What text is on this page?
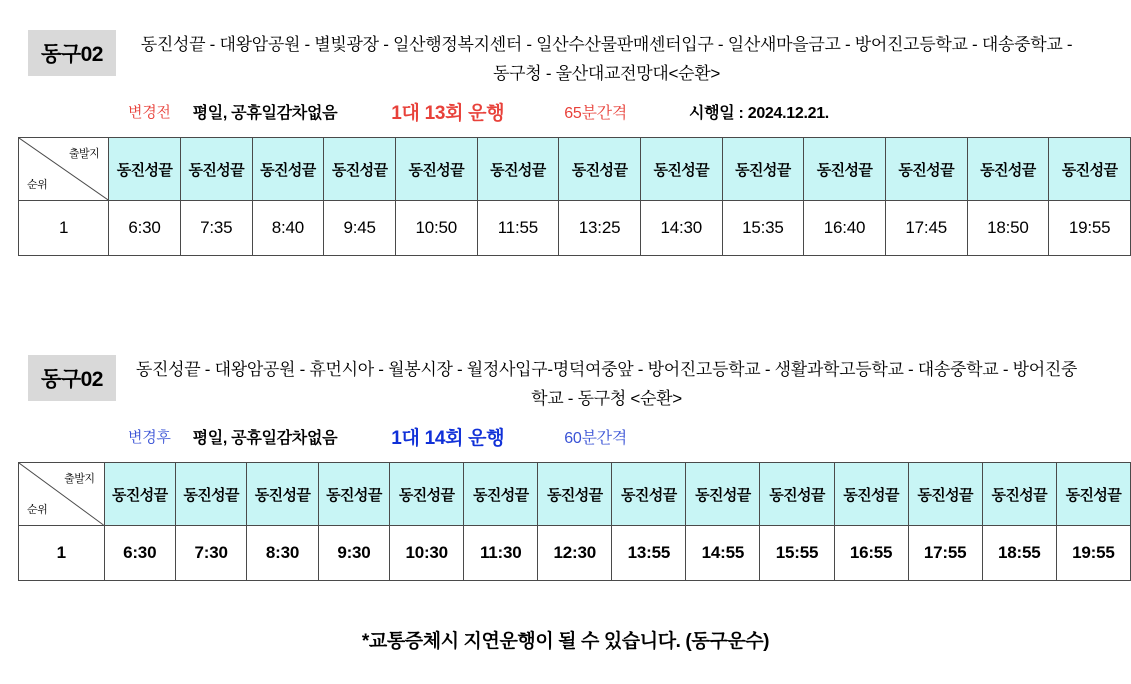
동구02	동진성끝 - 대왕암공원 - 별빛광장 - 일산행정복지센터 - 일산수산물판매센터입구 - 일산새마을금고 - 방어진고등학교 - 대송중학교 - 동구청 - 울산대교전망대<순환>
변경전 평일, 공휴일감차없음	1대 13회 운행	65분간격	시행일 : 2024.12.21.
출발지
순위	동진성끝	동진성끝	동진성끝	동진성끝	동진성끝	동진성끝	동진성끝	동진성끝	동진성끝	동진성끝	동진성끝	동진성끝	동진성끝
1	6:30	7:35	8:40	9:45	10:50	11:55	13:25	14:30	15:35	16:40	17:45	18:50	19:55
동구02	동진성끝 - 대왕암공원 - 휴먼시아 - 월봉시장 - 월정사입구-명덕여중앞 - 방어진고등학교 - 생활과학고등학교 - 대송중학교 - 방어진중학교 - 동구청 <순환>
변경후 평일, 공휴일감차없음	1대 14회 운행	60분간격
출발지
순위	동진성끝	동진성끝	동진성끝	동진성끝	동진성끝	동진성끝	동진성끝	동진성끝	동진성끝	동진성끝	동진성끝	동진성끝	동진성끝	동진성끝
1	6:30	7:30	8:30	9:30	10:30	11:30	12:30	13:55	14:55	15:55	16:55	17:55	18:55	19:55
*교통증체시 지연운행이 될 수 있습니다. (동구운수)
